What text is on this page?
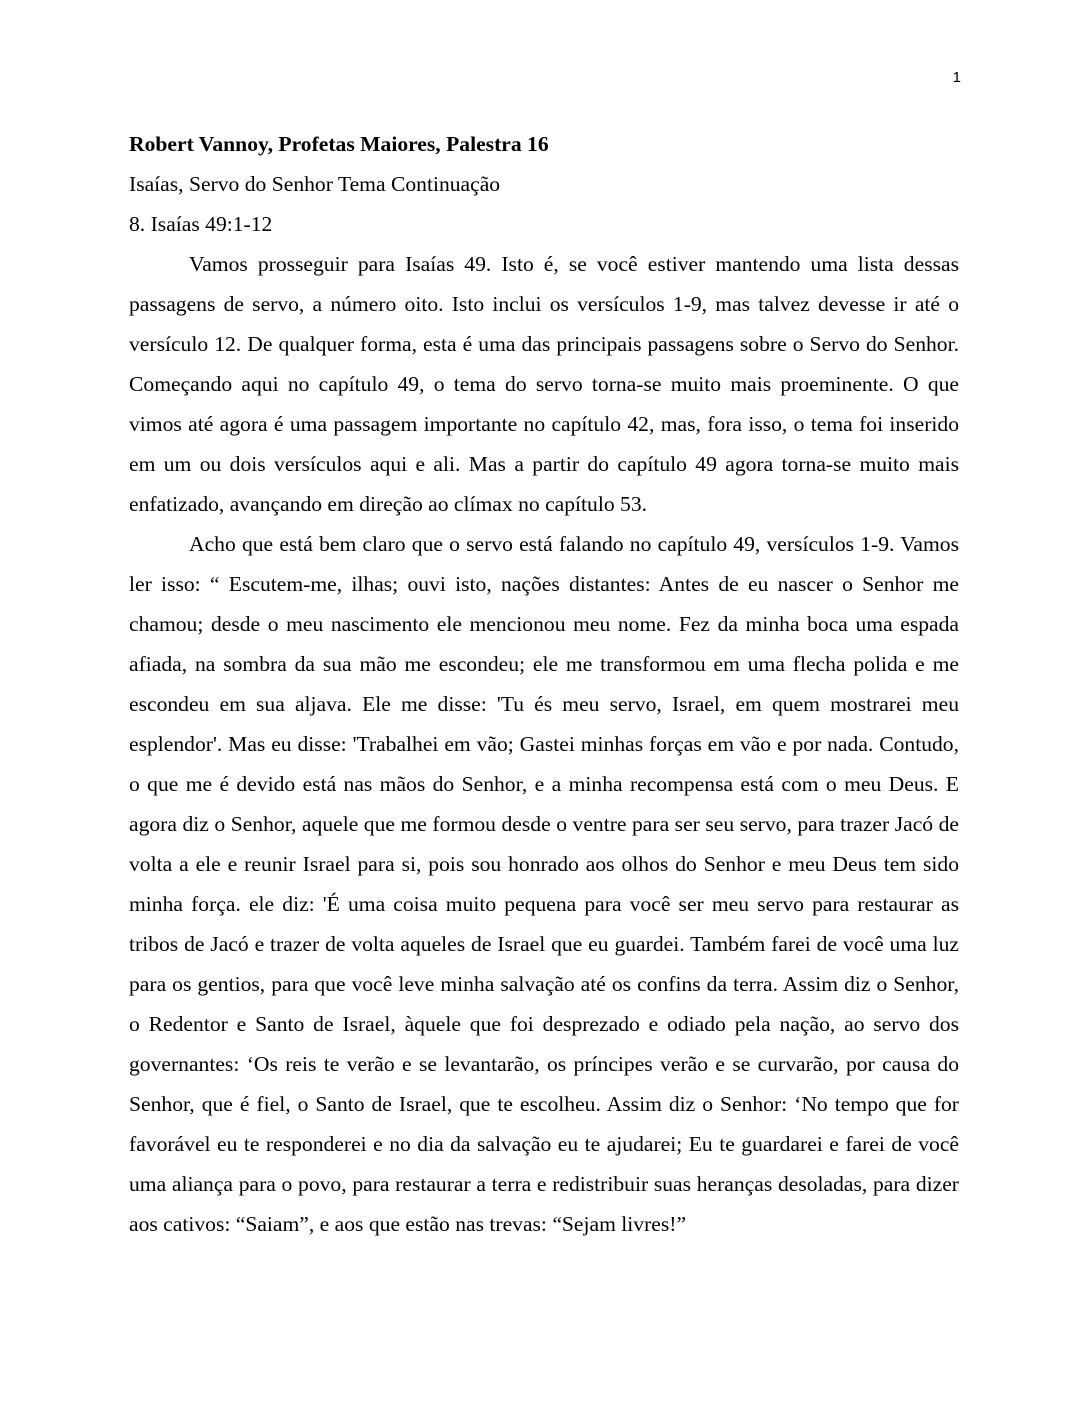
1
Robert Vannoy, Profetas Maiores, Palestra 16
Isaías, Servo do Senhor Tema Continuação
8. Isaías 49:1-12

Vamos prosseguir para Isaías 49. Isto é, se você estiver mantendo uma lista dessas passagens de servo, a número oito. Isto inclui os versículos 1-9, mas talvez devesse ir até o versículo 12. De qualquer forma, esta é uma das principais passagens sobre o Servo do Senhor. Começando aqui no capítulo 49, o tema do servo torna-se muito mais proeminente. O que vimos até agora é uma passagem importante no capítulo 42, mas, fora isso, o tema foi inserido em um ou dois versículos aqui e ali. Mas a partir do capítulo 49 agora torna-se muito mais enfatizado, avançando em direção ao clímax no capítulo 53.

Acho que está bem claro que o servo está falando no capítulo 49, versículos 1-9. Vamos ler isso: “ Escutem-me, ilhas; ouvi isto, nações distantes: Antes de eu nascer o Senhor me chamou; desde o meu nascimento ele mencionou meu nome. Fez da minha boca uma espada afiada, na sombra da sua mão me escondeu; ele me transformou em uma flecha polida e me escondeu em sua aljava. Ele me disse: 'Tu és meu servo, Israel, em quem mostrarei meu esplendor'. Mas eu disse: 'Trabalhei em vão; Gastei minhas forças em vão e por nada. Contudo, o que me é devido está nas mãos do Senhor, e a minha recompensa está com o meu Deus. E agora diz o Senhor, aquele que me formou desde o ventre para ser seu servo, para trazer Jacó de volta a ele e reunir Israel para si, pois sou honrado aos olhos do Senhor e meu Deus tem sido minha força. ele diz: 'É uma coisa muito pequena para você ser meu servo para restaurar as tribos de Jacó e trazer de volta aqueles de Israel que eu guardei. Também farei de você uma luz para os gentios, para que você leve minha salvação até os confins da terra. Assim diz o Senhor, o Redentor e Santo de Israel, àquele que foi desprezado e odiado pela nação, ao servo dos governantes: ‘Os reis te verão e se levantarão, os príncipes verão e se curvarão, por causa do Senhor, que é fiel, o Santo de Israel, que te escolheu. Assim diz o Senhor: ‘No tempo que for favorável eu te responderei e no dia da salvação eu te ajudarei; Eu te guardarei e farei de você uma aliança para o povo, para restaurar a terra e redistribuir suas heranças desoladas, para dizer aos cativos: “Saiam”, e aos que estão nas trevas: “Sejam livres!”
